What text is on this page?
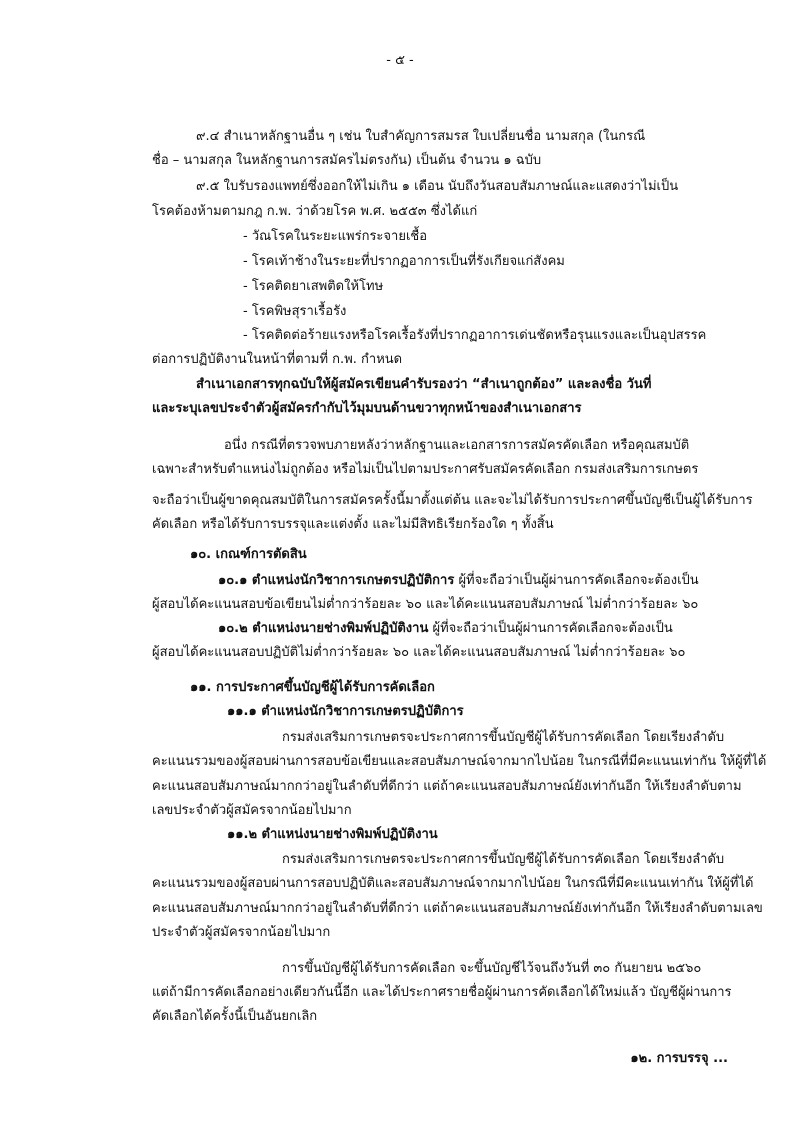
- ๕ -
๙.๔ สำเนาหลักฐานอื่น ๆ เช่น ใบสำคัญการสมรส ใบเปลี่ยนชื่อ นามสกุล (ในกรณี
ชื่อ – นามสกุล ในหลักฐานการสมัครไม่ตรงกัน) เป็นต้น จำนวน ๑ ฉบับ
๙.๕ ใบรับรองแพทย์ซึ่งออกให้ไม่เกิน ๑ เดือน นับถึงวันสอบสัมภาษณ์และแสดงว่าไม่เป็น
โรคต้องห้ามตามกฎ ก.พ. ว่าด้วยโรค พ.ศ. ๒๕๕๓ ซึ่งได้แก่
- วัณโรคในระยะแพร่กระจายเชื้อ
- โรคเท้าช้างในระยะที่ปรากฏอาการเป็นที่รังเกียจแก่สังคม
- โรคติดยาเสพติดให้โทษ
- โรคพิษสุราเรื้อรัง
- โรคติดต่อร้ายแรงหรือโรคเรื้อรังที่ปรากฏอาการเด่นชัดหรือรุนแรงและเป็นอุปสรรค
ต่อการปฏิบัติงานในหน้าที่ตามที่ ก.พ. กำหนด
สำเนาเอกสารทุกฉบับให้ผู้สมัครเขียนคำรับรองว่า “สำเนาถูกต้อง” และลงชื่อ วันที่
และระบุเลขประจำตัวผู้สมัครกำกับไว้มุมบนด้านขวาทุกหน้าของสำเนาเอกสาร
อนึ่ง กรณีที่ตรวจพบภายหลังว่าหลักฐานและเอกสารการสมัครคัดเลือก หรือคุณสมบัติ
เฉพาะสำหรับตำแหน่งไม่ถูกต้อง หรือไม่เป็นไปตามประกาศรับสมัครคัดเลือก กรมส่งเสริมการเกษตร
จะถือว่าเป็นผู้ขาดคุณสมบัติในการสมัครครั้งนี้มาตั้งแต่ต้น และจะไม่ได้รับการประกาศขึ้นบัญชีเป็นผู้ได้รับการ
คัดเลือก หรือได้รับการบรรจุและแต่งตั้ง และไม่มีสิทธิเรียกร้องใด ๆ ทั้งสิ้น
๑๐. เกณฑ์การตัดสิน
๑๐.๑ ตำแหน่งนักวิชาการเกษตรปฏิบัติการ ผู้ที่จะถือว่าเป็นผู้ผ่านการคัดเลือกจะต้องเป็น
ผู้สอบได้คะแนนสอบข้อเขียนไม่ต่ำกว่าร้อยละ ๖๐ และได้คะแนนสอบสัมภาษณ์ ไม่ต่ำกว่าร้อยละ ๖๐
๑๐.๒ ตำแหน่งนายช่างพิมพ์ปฏิบัติงาน ผู้ที่จะถือว่าเป็นผู้ผ่านการคัดเลือกจะต้องเป็น
ผู้สอบได้คะแนนสอบปฏิบัติไม่ต่ำกว่าร้อยละ ๖๐ และได้คะแนนสอบสัมภาษณ์ ไม่ต่ำกว่าร้อยละ ๖๐
๑๑. การประกาศขึ้นบัญชีผู้ได้รับการคัดเลือก
๑๑.๑ ตำแหน่งนักวิชาการเกษตรปฏิบัติการ
กรมส่งเสริมการเกษตรจะประกาศการขึ้นบัญชีผู้ได้รับการคัดเลือก โดยเรียงลำดับ
คะแนนรวมของผู้สอบผ่านการสอบข้อเขียนและสอบสัมภาษณ์จากมากไปน้อย ในกรณีที่มีคะแนนเท่ากัน ให้ผู้ที่ได้
คะแนนสอบสัมภาษณ์มากกว่าอยู่ในลำดับที่ดีกว่า แต่ถ้าคะแนนสอบสัมภาษณ์ยังเท่ากันอีก ให้เรียงลำดับตาม
เลขประจำตัวผู้สมัครจากน้อยไปมาก
๑๑.๒ ตำแหน่งนายช่างพิมพ์ปฏิบัติงาน
กรมส่งเสริมการเกษตรจะประกาศการขึ้นบัญชีผู้ได้รับการคัดเลือก โดยเรียงลำดับ
คะแนนรวมของผู้สอบผ่านการสอบปฏิบัติและสอบสัมภาษณ์จากมากไปน้อย ในกรณีที่มีคะแนนเท่ากัน ให้ผู้ที่ได้
คะแนนสอบสัมภาษณ์มากกว่าอยู่ในลำดับที่ดีกว่า แต่ถ้าคะแนนสอบสัมภาษณ์ยังเท่ากันอีก ให้เรียงลำดับตามเลข
ประจำตัวผู้สมัครจากน้อยไปมาก
การขึ้นบัญชีผู้ได้รับการคัดเลือก จะขึ้นบัญชีไว้จนถึงวันที่ ๓๐ กันยายน ๒๕๖๐
แต่ถ้ามีการคัดเลือกอย่างเดียวกันนี้อีก และได้ประกาศรายชื่อผู้ผ่านการคัดเลือกได้ใหม่แล้ว บัญชีผู้ผ่านการ
คัดเลือกได้ครั้งนี้เป็นอันยกเลิก
๑๒. การบรรจุ ...
